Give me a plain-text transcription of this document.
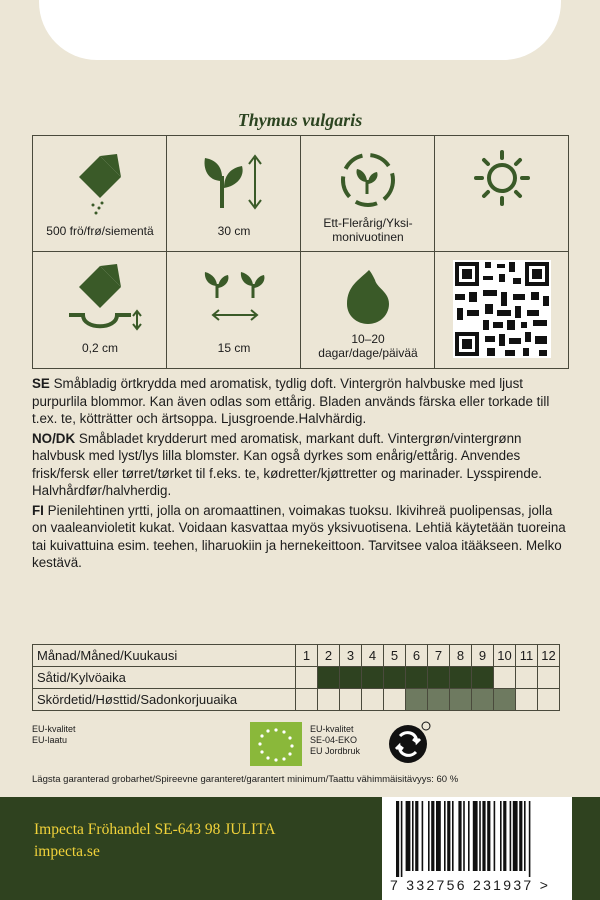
Thymus vulgaris
500 frö/frø/siementä	30 cm
Ett-Flerårig/Yksi-
monivuotinen
0,2 cm	15 cm
10–20
dagar/dage/päivää

SE Småbladig örtkrydda med aromatisk, tydlig doft. Vintergrön halvbuske med ljust purpurlila blommor. Kan även odlas som ettårig. Bladen används färska eller torkade till t.ex. te, kötträtter och ärtsoppa. Ljusgroende.Halvhärdig.

NO/DK Småbladet krydderurt med aromatisk, markant duft. Vintergrøn/vintergrønn halvbusk med lyst/lys lilla blomster. Kan også dyrkes som enårig/ettårig. Anvendes frisk/fersk eller tørret/tørket til f.eks. te, kødretter/kjøttretter og marinader. Lysspirende. Halvhårdfør/halvherdig.

FI Pienilehtinen yrtti, jolla on aromaattinen, voimakas tuoksu. Ikivihreä puolipensas, jolla on vaaleanvioletit kukat. Voidaan kasvattaa myös yksivuotisena. Lehtiä käytetään tuoreina tai kuivattuina esim. teehen, liharuokiin ja hernekeittoon. Tarvitsee valoa itääkseen. Melko kestävä.

Månad/Måned/Kuukausi	1	2	3	4	5	6	7	8	9	10	11	12
Såtid/Kylvöaika												
Skördetid/Høsttid/Sadonkorjuuaika												
EU-kvalitet
EU-laatu
EU-kvalitet
SE-04-EKO
EU Jordbruk
Lägsta garanterad grobarhet/Spireevne garanteret/garantert minimum/Taattu vähimmäisitävyys: 60 %
Impecta Fröhandel SE-643 98 JULITA
impecta.se
7 332756 231937 >
